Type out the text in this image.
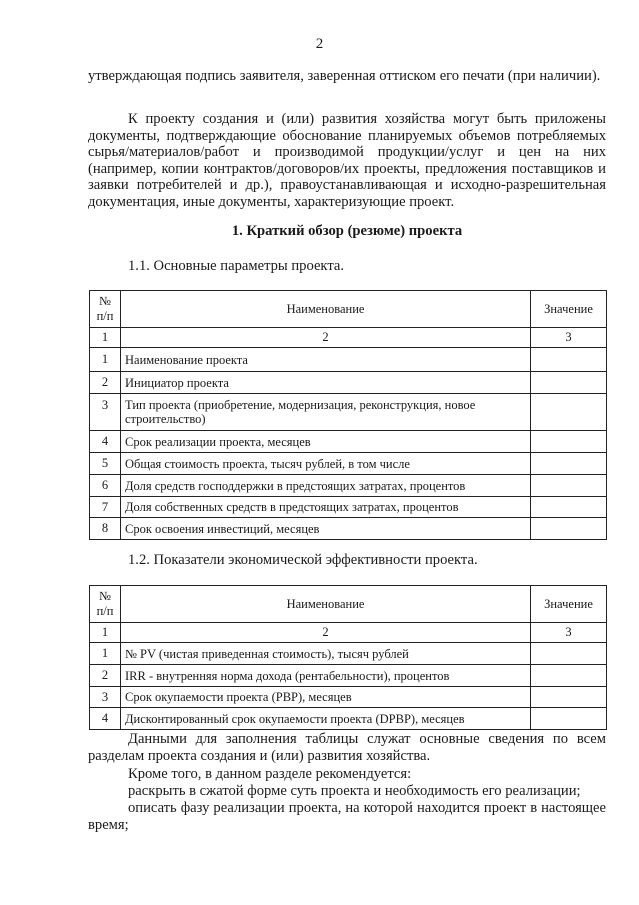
2

утверждающая подпись заявителя, заверенная оттиском его печати (при наличии).

К проекту создания и (или) развития хозяйства могут быть приложены документы, подтверждающие обоснование планируемых объемов потребляемых сырья/материалов/работ и производимой продукции/услуг и цен на них (например, копии контрактов/договоров/их проекты, предложения поставщиков и заявки потребителей и др.), правоустанавливающая и исходно-разрешительная документация, иные документы, характеризующие проект.

1. Краткий обзор (резюме) проекта
1.1. Основные параметры проекта.
№ п/п	Наименование	Значение
1	2	3
1	Наименование проекта	
2	Инициатор проекта	
3	Тип проекта (приобретение, модернизация, реконструкция, новое строительство)	
4	Срок реализации проекта, месяцев	
5	Общая стоимость проекта, тысяч рублей, в том числе	
6	Доля средств господдержки в предстоящих затратах, процентов	
7	Доля собственных средств в предстоящих затратах, процентов	
8	Срок освоения инвестиций, месяцев	
1.2. Показатели экономической эффективности проекта.
№ п/п	Наименование	Значение
1	2	3
1	№ PV (чистая приведенная стоимость), тысяч рублей	
2	IRR - внутренняя норма дохода (рентабельности), процентов	
3	Срок окупаемости проекта (PBP), месяцев	
4	Дисконтированный срок окупаемости проекта (DPBP), месяцев	

Данными для заполнения таблицы служат основные сведения по всем разделам проекта создания и (или) развития хозяйства.

Кроме того, в данном разделе рекомендуется:
раскрыть в сжатой форме суть проекта и необходимость его реализации;

описать фазу реализации проекта, на которой находится проект в настоящее время;
